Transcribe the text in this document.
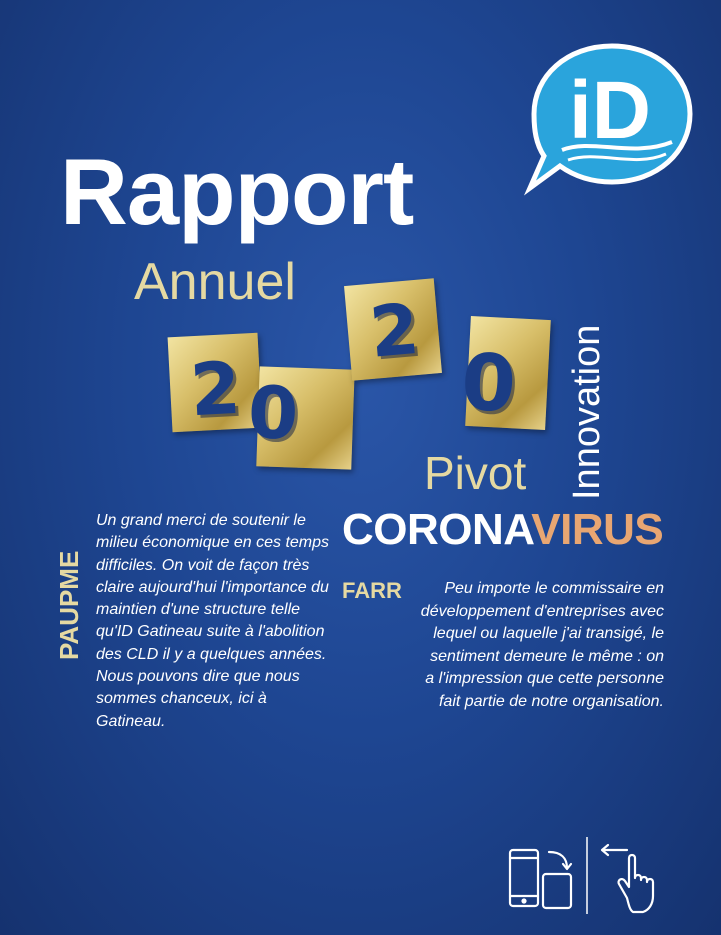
iD
Rapport
Annuel
2 0
2
0 Innovation
Pivot
CORONAVIRUS
PAUPME
Un grand merci de soutenir le milieu économique en ces temps difficiles. On voit de façon très claire aujourd'hui l'importance du maintien d'une structure telle qu'ID Gatineau suite à l'abolition des CLD il y a quelques années. Nous pouvons dire que nous sommes chanceux, ici à Gatineau.
FARR	Peu importe le commissaire en développement d'entreprises avec lequel ou laquelle j'ai transigé, le sentiment demeure le même : on a l'impression que cette personne fait partie de notre organisation.
